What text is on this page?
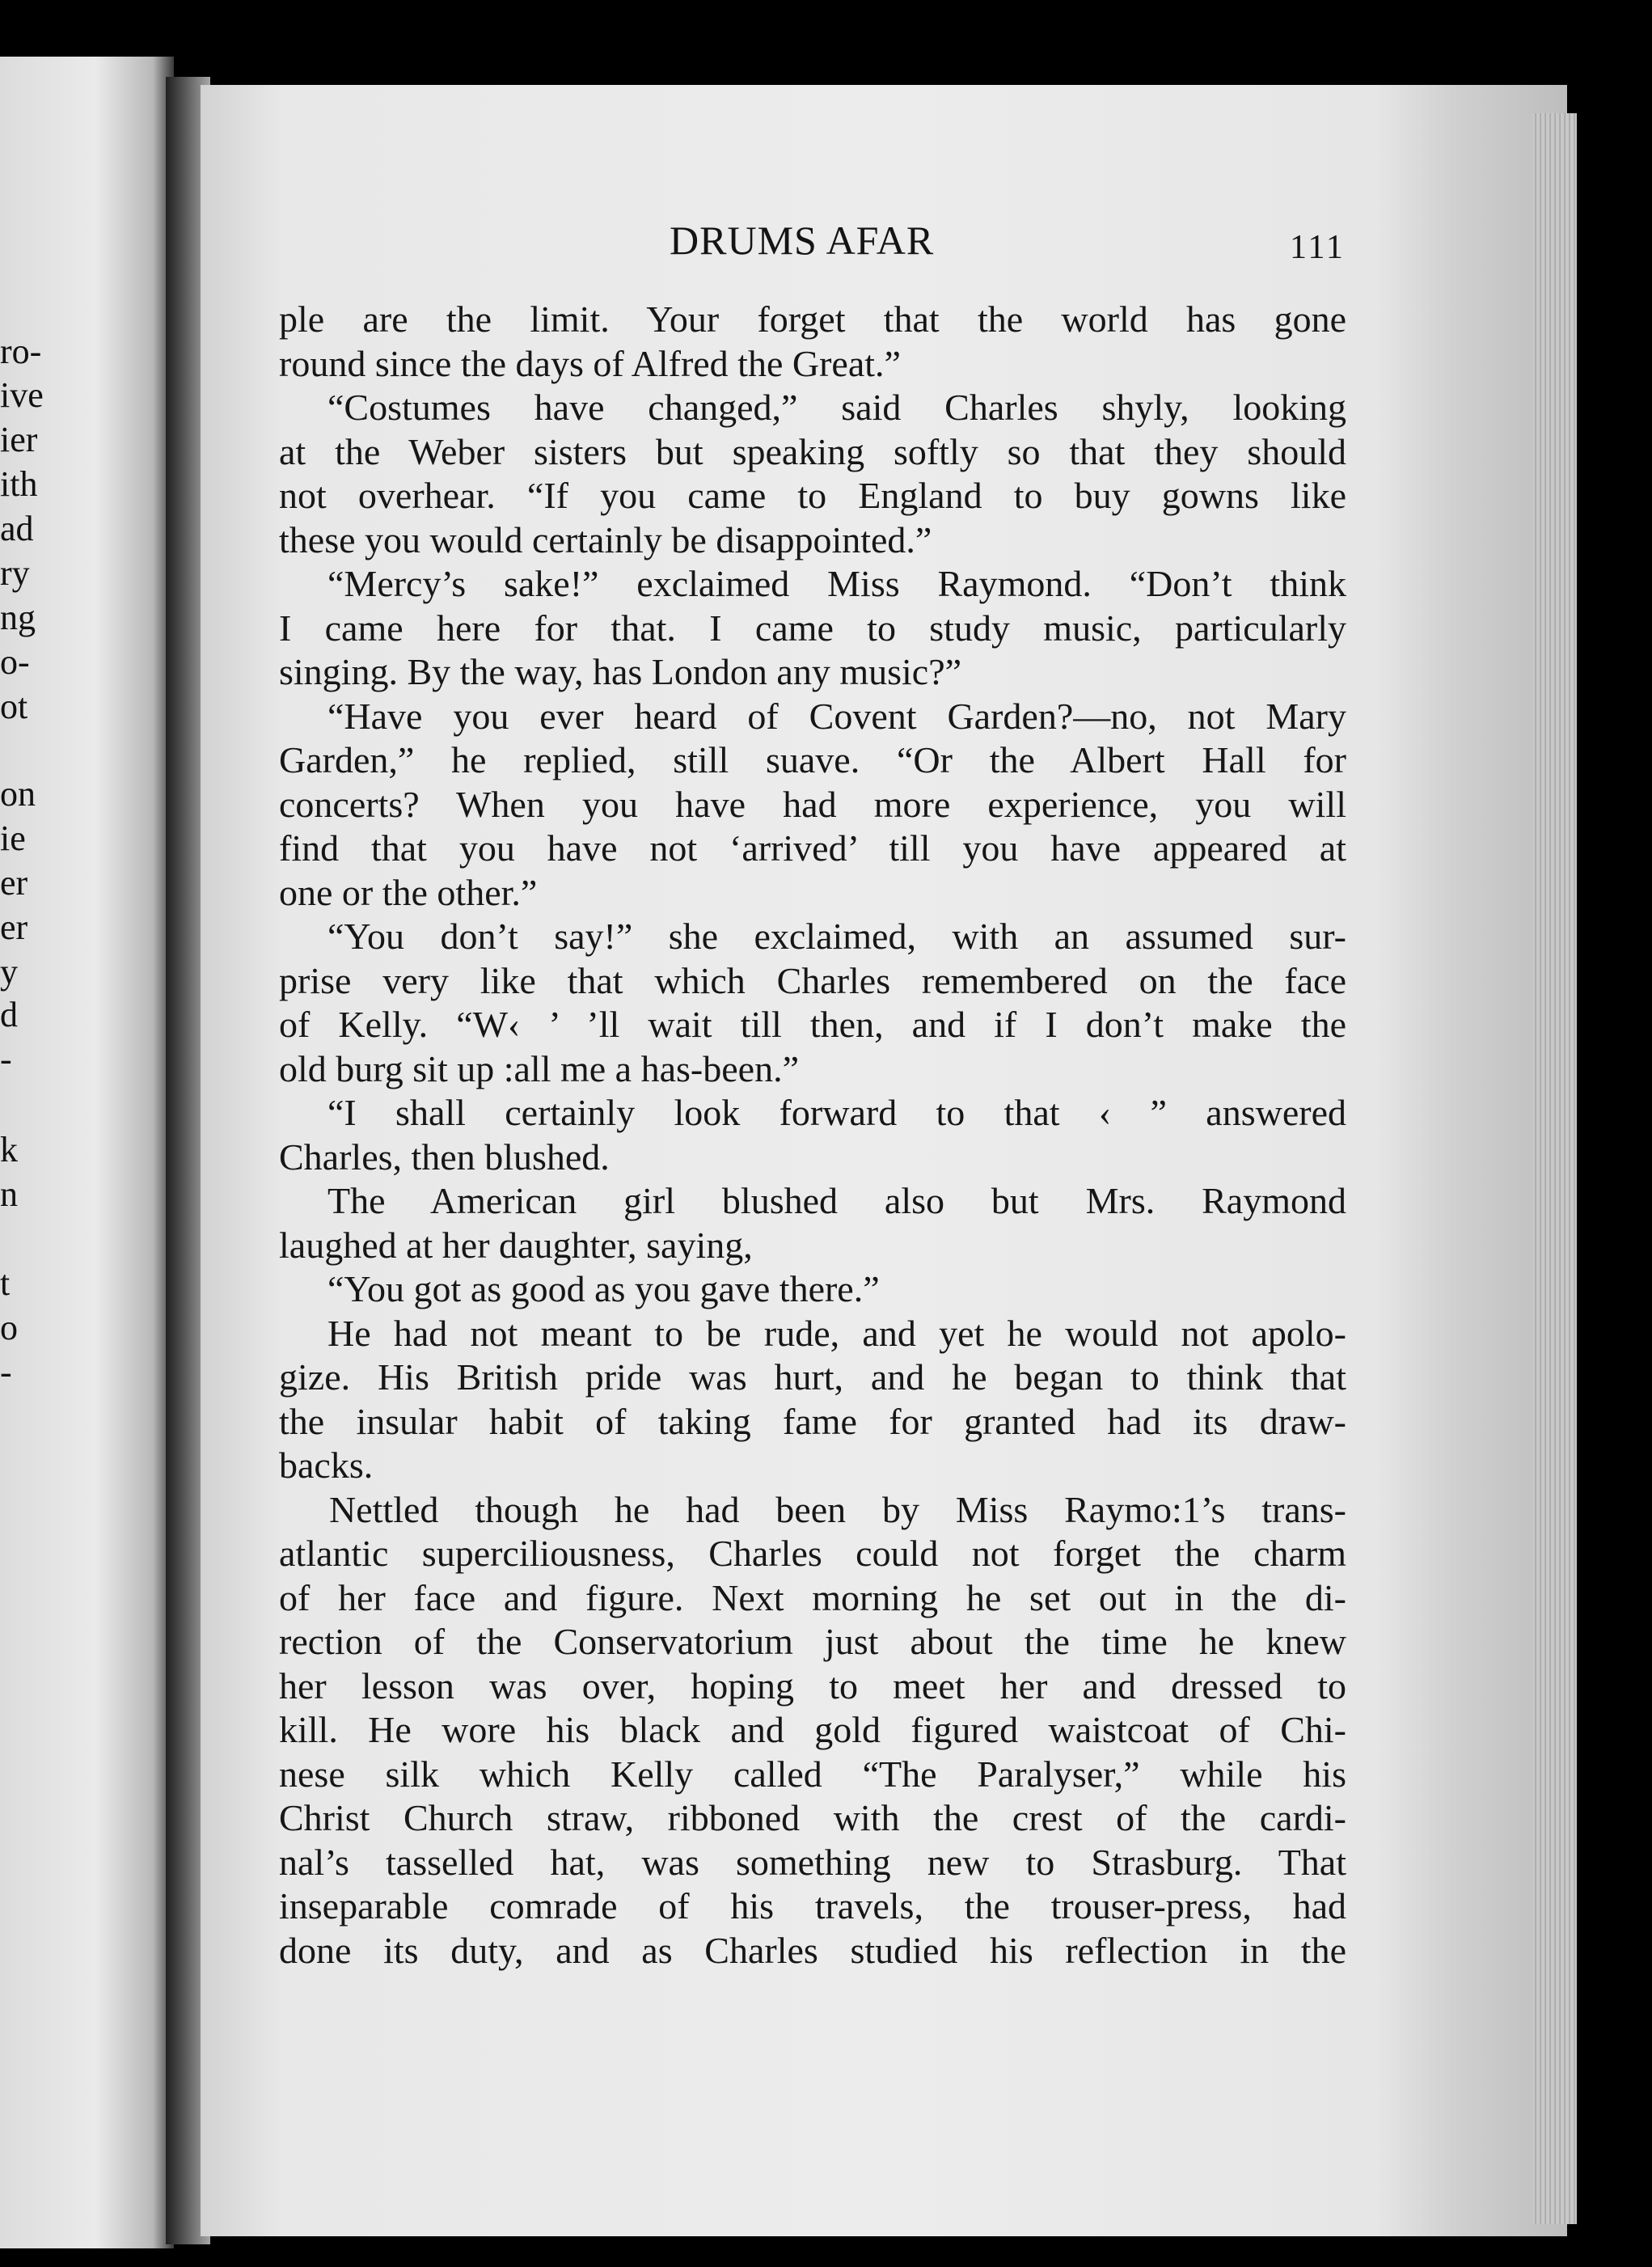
ro-
ive
ier
ith
ad
ry
ng
o-
ot
on
ie
er
er
y
d
-
k
n
t
o
-
DRUMS AFAR	111
ple are the limit. Your forget that the world has gone
round since the days of Alfred the Great.”
“Costumes have changed,” said Charles shyly, looking
at the Weber sisters but speaking softly so that they should
not overhear. “If you came to England to buy gowns like
these you would certainly be disappointed.”
“Mercy’s sake!” exclaimed Miss Raymond. “Don’t think
I came here for that. I came to study music, particularly
singing. By the way, has London any music?”
“Have you ever heard of Covent Garden?—no, not Mary
Garden,” he replied, still suave. “Or the Albert Hall for
concerts? When you have had more experience, you will
find that you have not ‘arrived’ till you have appeared at
one or the other.”
“You don’t say!” she exclaimed, with an assumed sur-
prise very like that which Charles remembered on the face
of Kelly. “W‹ ’ ’ll wait till then, and if I don’t make the
old burg sit up :all me a has-been.”
“I shall certainly look forward to that ‹ ” answered
Charles, then blushed.
The American girl blushed also but Mrs. Raymond
laughed at her daughter, saying,
“You got as good as you gave there.”
He had not meant to be rude, and yet he would not apolo-
gize. His British pride was hurt, and he began to think that
the insular habit of taking fame for granted had its draw-
backs.
Nettled though he had been by Miss Raymo:1’s trans-
atlantic superciliousness, Charles could not forget the charm
of her face and figure. Next morning he set out in the di-
rection of the Conservatorium just about the time he knew
her lesson was over, hoping to meet her and dressed to
kill. He wore his black and gold figured waistcoat of Chi-
nese silk which Kelly called “The Paralyser,” while his
Christ Church straw, ribboned with the crest of the cardi-
nal’s tasselled hat, was something new to Strasburg. That
inseparable comrade of his travels, the trouser-press, had
done its duty, and as Charles studied his reflection in the
